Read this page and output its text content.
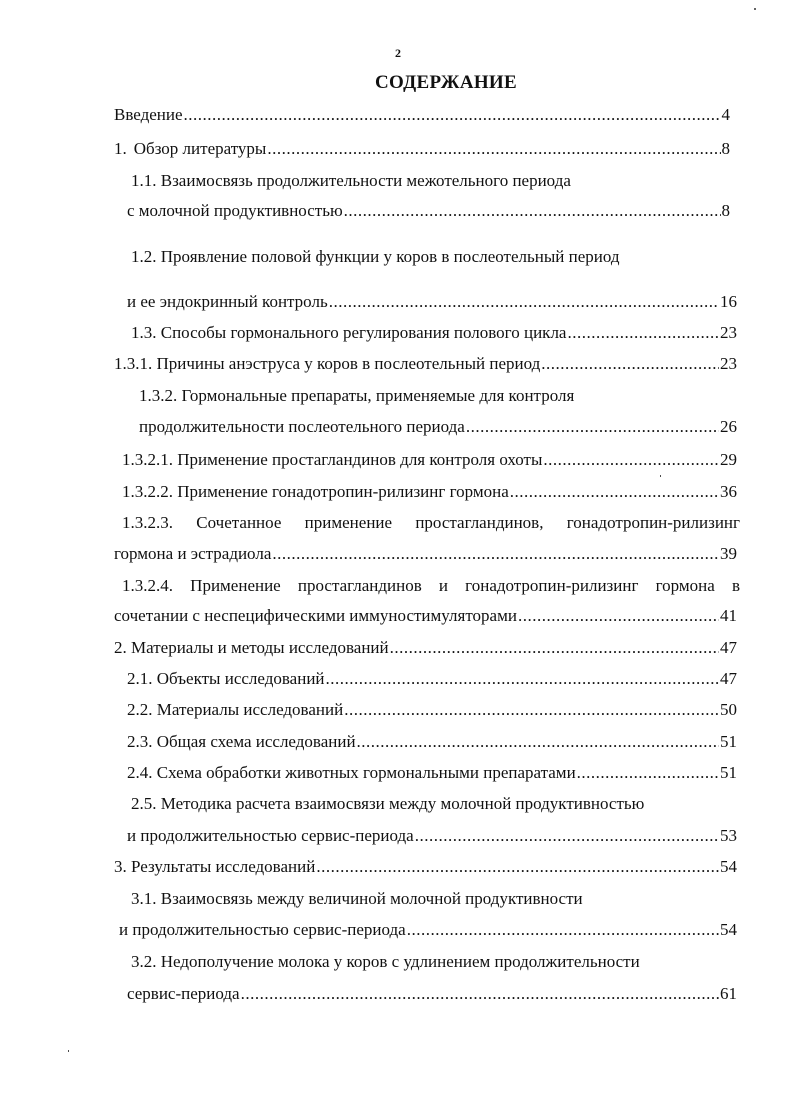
2
СОДЕРЖАНИЕ
Введение .....	4
1. Обзор литературы .....	8
1.1. Взаимосвязь продолжительности межотельного периода
с молочной продуктивностью .....	8
1.2. Проявление половой функции у коров в послеотельный период
и ее эндокринный контроль .....	16
1.3. Способы гормонального регулирования полового цикла .....	23
1.3.1. Причины анэструса у коров в послеотельный период .....	23
1.3.2. Гормональные препараты, применяемые для контроля
продолжительности послеотельного периода .....	26
1.3.2.1. Применение простагландинов для контроля охоты .....	29
1.3.2.2. Применение гонадотропин-рилизинг гормона .....	36
1.3.2.3. Сочетанное применение простагландинов, гонадотропин-рилизинг
гормона и эстрадиола .....	39
1.3.2.4. Применение простагландинов и гонадотропин-рилизинг гормона в
сочетании с неспецифическими иммуностимуляторами .....	41
2. Материалы и методы исследований .....	47
2.1. Объекты исследований .....	47
2.2. Материалы исследований .....	50
2.3. Общая схема исследований .....	51
2.4. Схема обработки животных гормональными препаратами .....	51
2.5. Методика расчета взаимосвязи между молочной продуктивностью
и продолжительностью сервис-периода .....	53
3. Результаты исследований .....	54
3.1. Взаимосвязь между величиной молочной продуктивности
и продолжительностью сервис-периода .....	54
3.2. Недополучение молока у коров с удлинением продолжительности
сервис-периода .....	61
